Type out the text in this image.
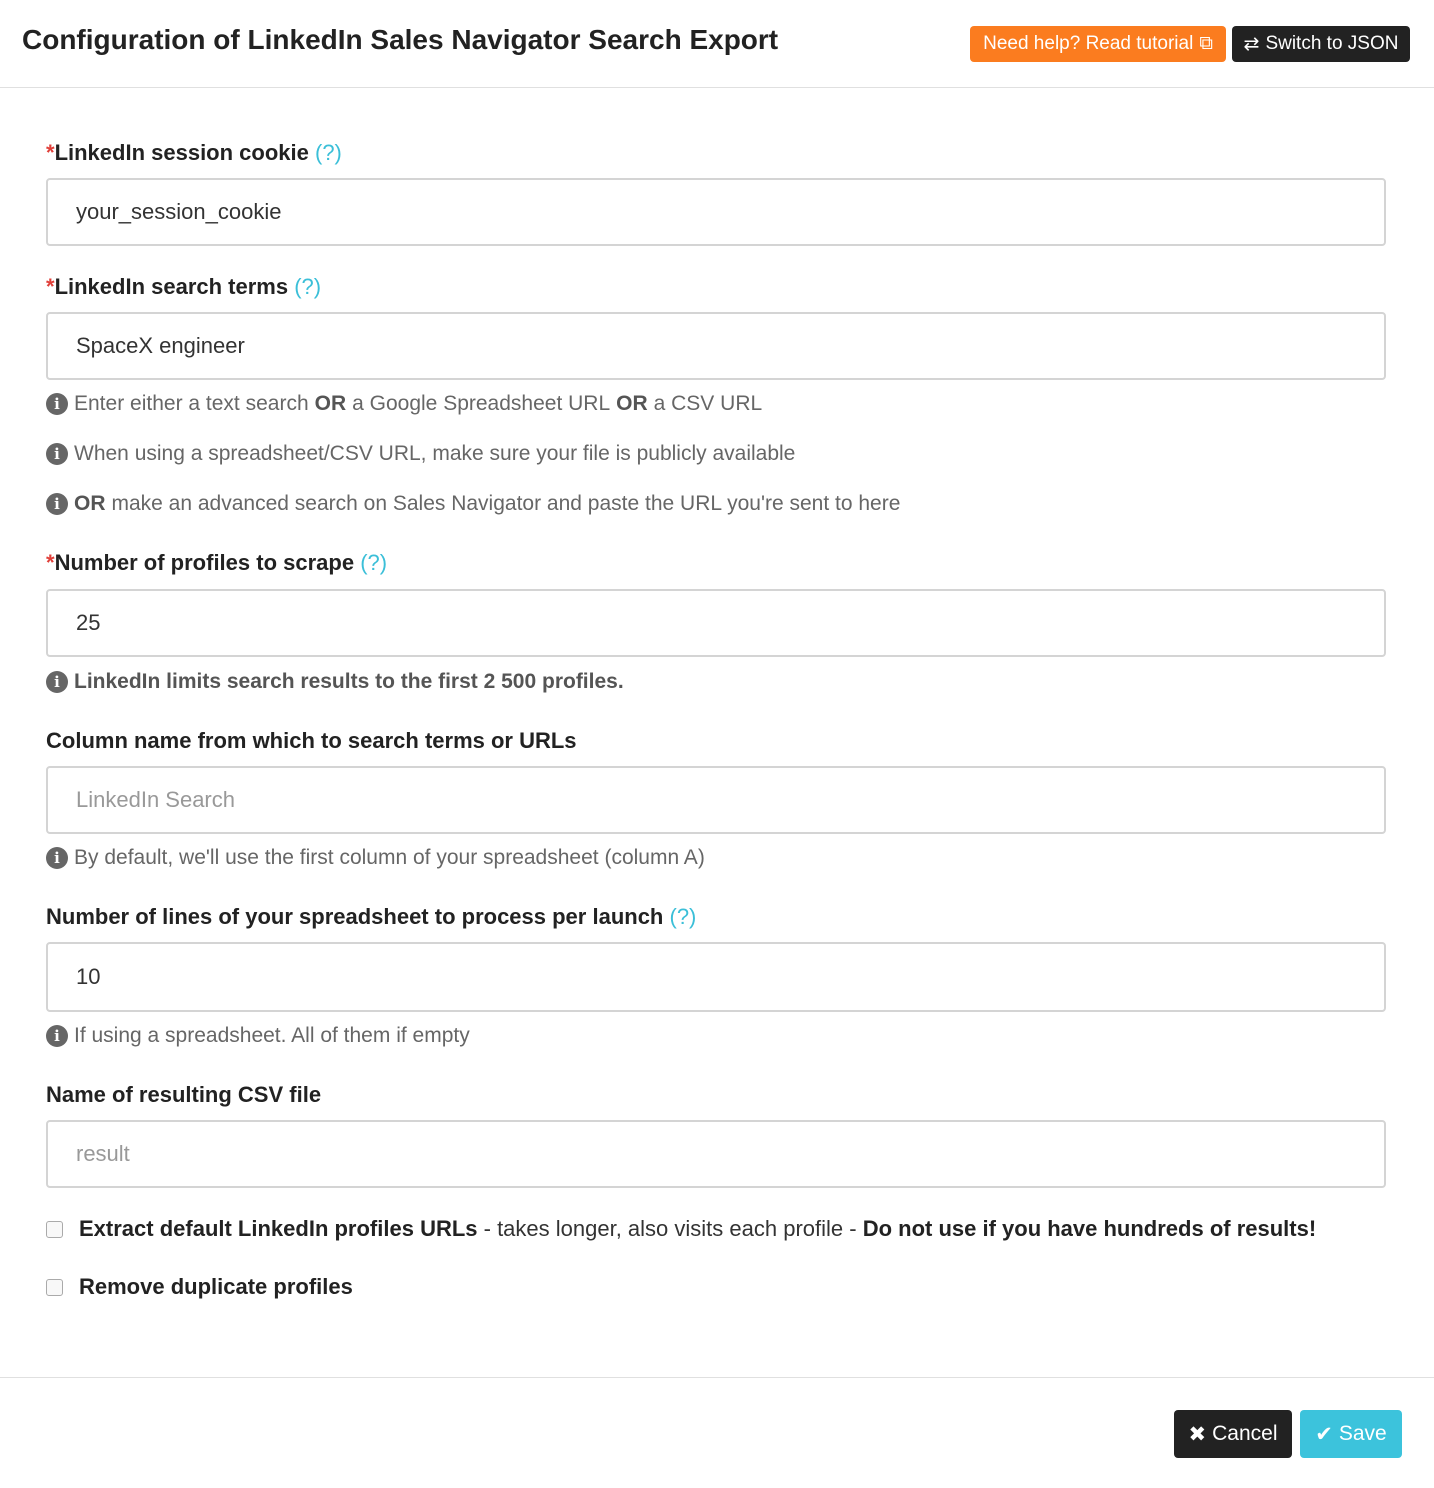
Configuration of LinkedIn Sales Navigator Search Export	Need help? Read tutorial ⧉ ⇄ Switch to JSON
*LinkedIn session cookie (?)
your_session_cookie
*LinkedIn search terms (?)
SpaceX engineer
i Enter either a text search OR a Google Spreadsheet URL OR a CSV URL
i When using a spreadsheet/CSV URL, make sure your file is publicly available
i OR make an advanced search on Sales Navigator and paste the URL you're sent to here
*Number of profiles to scrape (?)
25
i LinkedIn limits search results to the first 2 500 profiles.
Column name from which to search terms or URLs
LinkedIn Search
i By default, we'll use the first column of your spreadsheet (column A)
Number of lines of your spreadsheet to process per launch (?)
10
i If using a spreadsheet. All of them if empty
Name of resulting CSV file
result
Extract default LinkedIn profiles URLs - takes longer, also visits each profile - Do not use if you have hundreds of results!
Remove duplicate profiles
✖ Cancel ✔ Save
